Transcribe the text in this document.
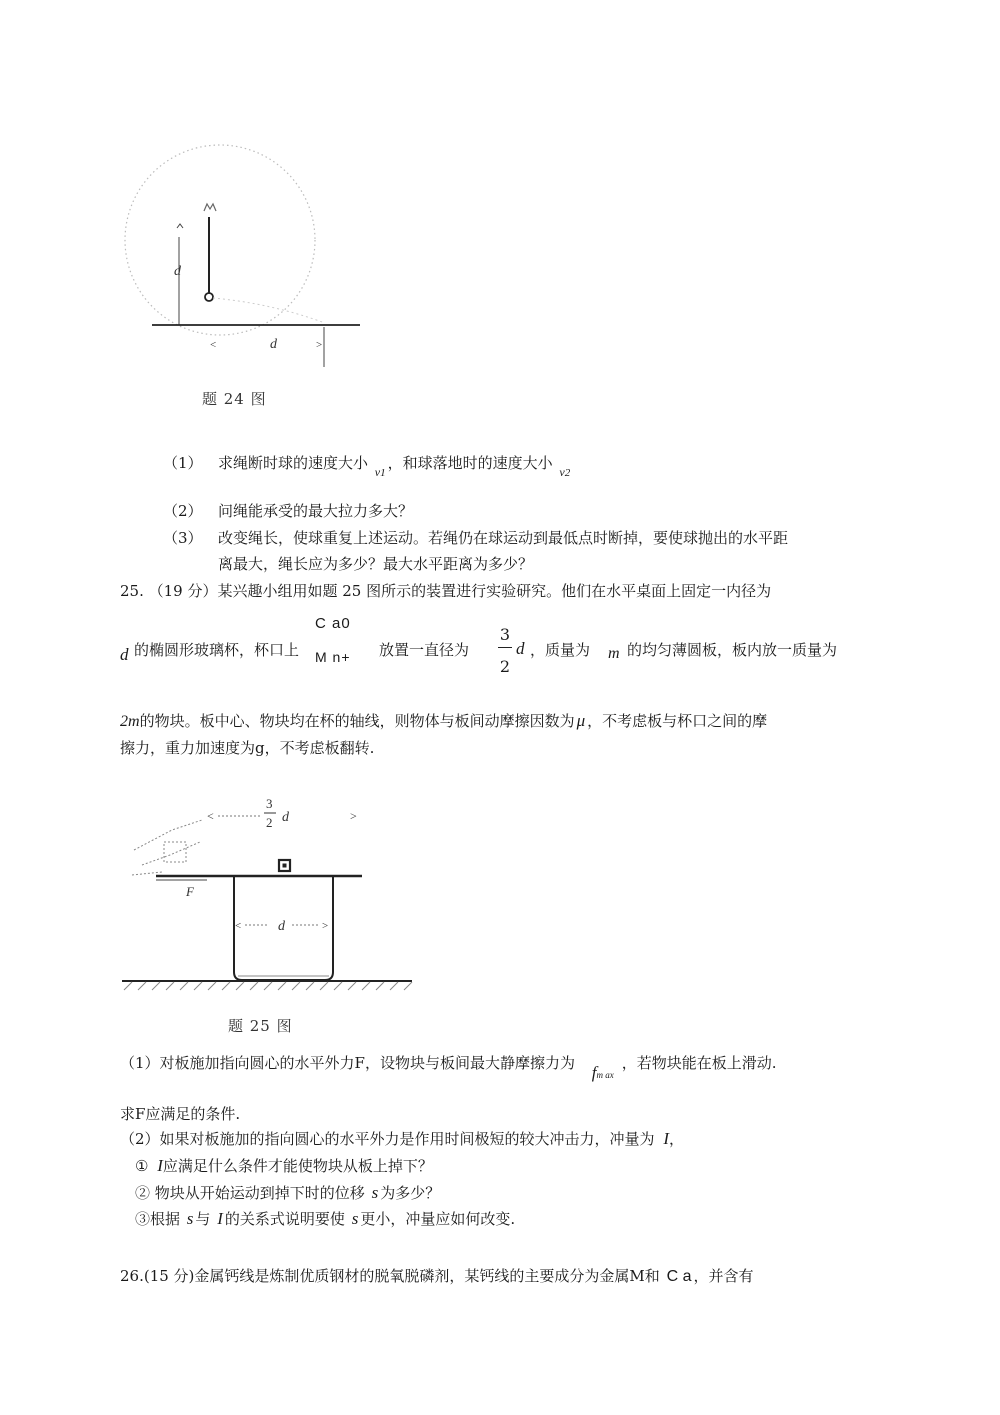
d
<	d	>
题 24 图
（1） 求绳断时球的速度大小 v1，和球落地时的速度大小 v2
（2） 问绳能承受的最大拉力多大？
（3） 改变绳长，使球重复上述运动。若绳仍在球运动到最低点时断掉，要使球抛出的水平距
离最大，绳长应为多少？最大水平距离为多少？
25. （19 分）某兴趣小组用如题 25 图所示的装置进行实验研究。他们在水平桌面上固定一内径为
d 的椭圆形玻璃杯，杯口上
C a0
M n+ 放置一直径为
3
2
d ，质量为 m 的均匀薄圆板，板内放一质量为
2m的物块。板中心、物块均在杯的轴线，则物体与板间动摩擦因数为 μ ，不考虑板与杯口之间的摩
擦力，重力加速度为g，不考虑板翻转.
<
3
2 d	>
F
<	d	>
题 25 图
（1）对板施加指向圆心的水平外力F，设物块与板间最大静摩擦力为 fm ax，若物块能在板上滑动.
求F应满足的条件.
（2）如果对板施加的指向圆心的水平外力是作用时间极短的较大冲击力，冲量为 I，
① I应满足什么条件才能使物块从板上掉下？
② 物块从开始运动到掉下时的位移 s 为多少？
③根据 s 与 I 的关系式说明要使 s 更小，冲量应如何改变.
26.(15 分)金属钙线是炼制优质钢材的脱氧脱磷剂，某钙线的主要成分为金属M和 C a ，并含有
